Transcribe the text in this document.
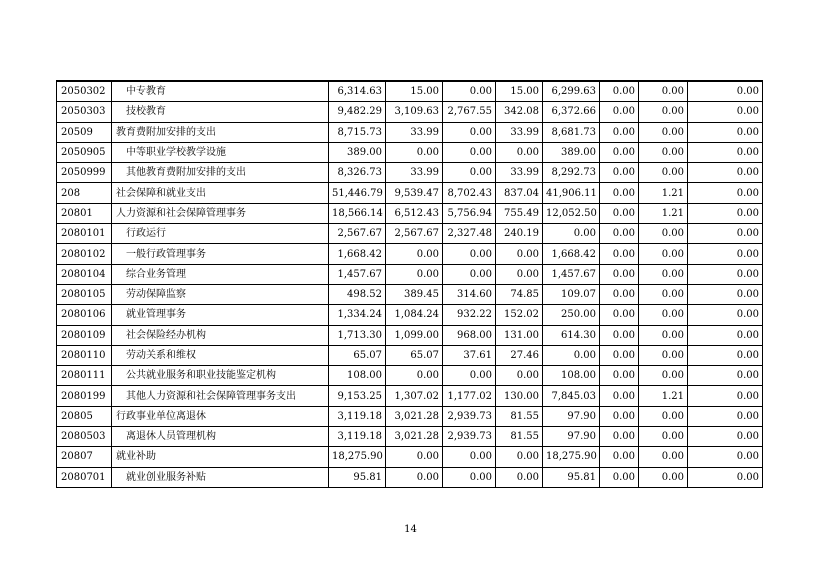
2050302	中专教育	6,314.63	15.00	0.00	15.00	6,299.63	0.00	0.00	0.00
2050303	技校教育	9,482.29	3,109.63	2,767.55	342.08	6,372.66	0.00	0.00	0.00
20509	教育费附加安排的支出	8,715.73	33.99	0.00	33.99	8,681.73	0.00	0.00	0.00
2050905	中等职业学校教学设施	389.00	0.00	0.00	0.00	389.00	0.00	0.00	0.00
2050999	其他教育费附加安排的支出	8,326.73	33.99	0.00	33.99	8,292.73	0.00	0.00	0.00
208	社会保障和就业支出	51,446.79	9,539.47	8,702.43	837.04	41,906.11	0.00	1.21	0.00
20801	人力资源和社会保障管理事务	18,566.14	6,512.43	5,756.94	755.49	12,052.50	0.00	1.21	0.00
2080101	行政运行	2,567.67	2,567.67	2,327.48	240.19	0.00	0.00	0.00	0.00
2080102	一般行政管理事务	1,668.42	0.00	0.00	0.00	1,668.42	0.00	0.00	0.00
2080104	综合业务管理	1,457.67	0.00	0.00	0.00	1,457.67	0.00	0.00	0.00
2080105	劳动保障监察	498.52	389.45	314.60	74.85	109.07	0.00	0.00	0.00
2080106	就业管理事务	1,334.24	1,084.24	932.22	152.02	250.00	0.00	0.00	0.00
2080109	社会保险经办机构	1,713.30	1,099.00	968.00	131.00	614.30	0.00	0.00	0.00
2080110	劳动关系和维权	65.07	65.07	37.61	27.46	0.00	0.00	0.00	0.00
2080111	公共就业服务和职业技能鉴定机构	108.00	0.00	0.00	0.00	108.00	0.00	0.00	0.00
2080199	其他人力资源和社会保障管理事务支出	9,153.25	1,307.02	1,177.02	130.00	7,845.03	0.00	1.21	0.00
20805	行政事业单位离退休	3,119.18	3,021.28	2,939.73	81.55	97.90	0.00	0.00	0.00
2080503	离退休人员管理机构	3,119.18	3,021.28	2,939.73	81.55	97.90	0.00	0.00	0.00
20807	就业补助	18,275.90	0.00	0.00	0.00	18,275.90	0.00	0.00	0.00
2080701	就业创业服务补贴	95.81	0.00	0.00	0.00	95.81	0.00	0.00	0.00
14
